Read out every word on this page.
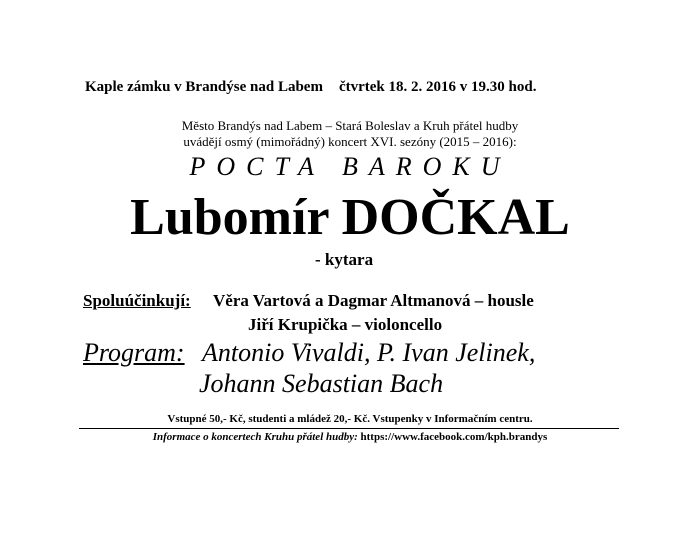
Kaple zámku v Brandýse nad Labem čtvrtek 18. 2. 2016 v 19.30 hod.
Město Brandýs nad Labem – Stará Boleslav a Kruh přátel hudby
uvádějí osmý (mimořádný) koncert XVI. sezóny (2015 – 2016):
POCTA BAROKU
Lubomír DOČKAL
- kytara
Spoluúčinkují: Věra Vartová a Dagmar Altmanová – housle
Jiří Krupička – violoncello
Program: Antonio Vivaldi, P. Ivan Jelinek,
Johann Sebastian Bach
Vstupné 50,- Kč, studenti a mládež 20,- Kč. Vstupenky v Informačním centru.
Informace o koncertech Kruhu přátel hudby: https://www.facebook.com/kph.brandys
